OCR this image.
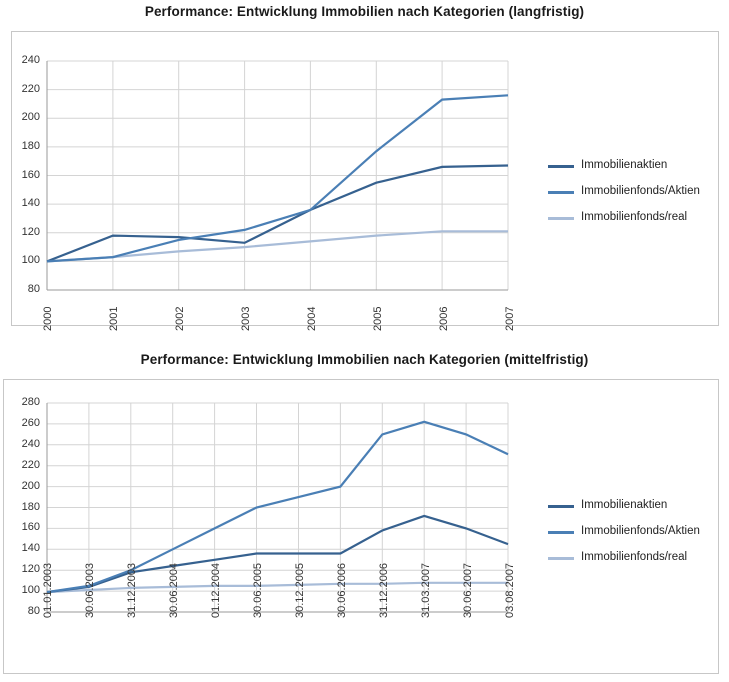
Performance: Entwicklung Immobilien nach Kategorien (langfristig)
240
220
200
180
160
140
120
100
80
2000	2001	2002	2003	2004	2005	2006	2007
Immobilienaktien
Immobilienfonds/Aktien
Immobilienfonds/real
Performance: Entwicklung Immobilien nach Kategorien (mittelfristig)
280
260
240
220
200
180
160
140
120
100
80 01.01.2003	30.06.2003	31.12.2003	30.06.2004	01.12.2004	30.06.2005	30.12.2005	30.06.2006	31.12.2006	31.03.2007	30.06.2007	03.08.2007
Immobilienaktien
Immobilienfonds/Aktien
Immobilienfonds/real
